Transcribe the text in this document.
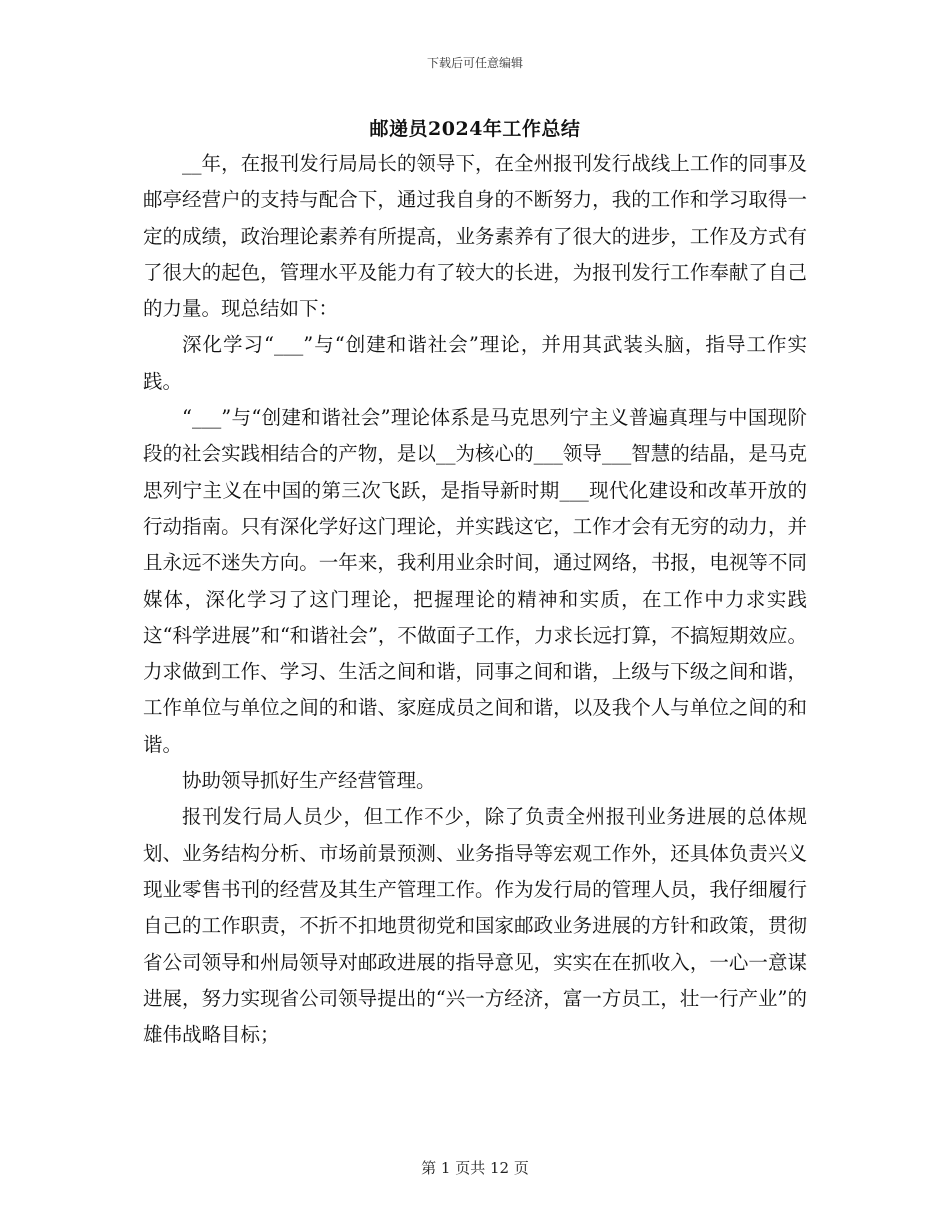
下载后可任意编辑
邮递员2024年工作总结

__年，在报刊发行局局长的领导下，在全州报刊发行战线上工作的同事及邮亭经营户的支持与配合下，通过我自身的不断努力，我的工作和学习取得一定的成绩，政治理论素养有所提高，业务素养有了很大的进步，工作及方式有了很大的起色，管理水平及能力有了较大的长进，为报刊发行工作奉献了自己的力量。现总结如下：

深化学习“___”与“创建和谐社会”理论，并用其武装头脑，指导工作实践。

“___”与“创建和谐社会”理论体系是马克思列宁主义普遍真理与中国现阶段的社会实践相结合的产物，是以__为核心的___领导___智慧的结晶，是马克思列宁主义在中国的第三次飞跃，是指导新时期___现代化建设和改革开放的行动指南。只有深化学好这门理论，并实践这它，工作才会有无穷的动力，并且永远不迷失方向。一年来，我利用业余时间，通过网络，书报，电视等不同媒体，深化学习了这门理论，把握理论的精神和实质，在工作中力求实践这“科学进展”和“和谐社会”，不做面子工作，力求长远打算，不搞短期效应。力求做到工作、学习、生活之间和谐，同事之间和谐，上级与下级之间和谐，工作单位与单位之间的和谐、家庭成员之间和谐，以及我个人与单位之间的和谐。

协助领导抓好生产经营管理。

报刊发行局人员少，但工作不少，除了负责全州报刊业务进展的总体规划、业务结构分析、市场前景预测、业务指导等宏观工作外，还具体负责兴义现业零售书刊的经营及其生产管理工作。作为发行局的管理人员，我仔细履行自己的工作职责，不折不扣地贯彻党和国家邮政业务进展的方针和政策，贯彻省公司领导和州局领导对邮政进展的指导意见，实实在在抓收入，一心一意谋进展，努力实现省公司领导提出的“兴一方经济，富一方员工，壮一行产业”的雄伟战略目标；

第 1 页共 12 页
